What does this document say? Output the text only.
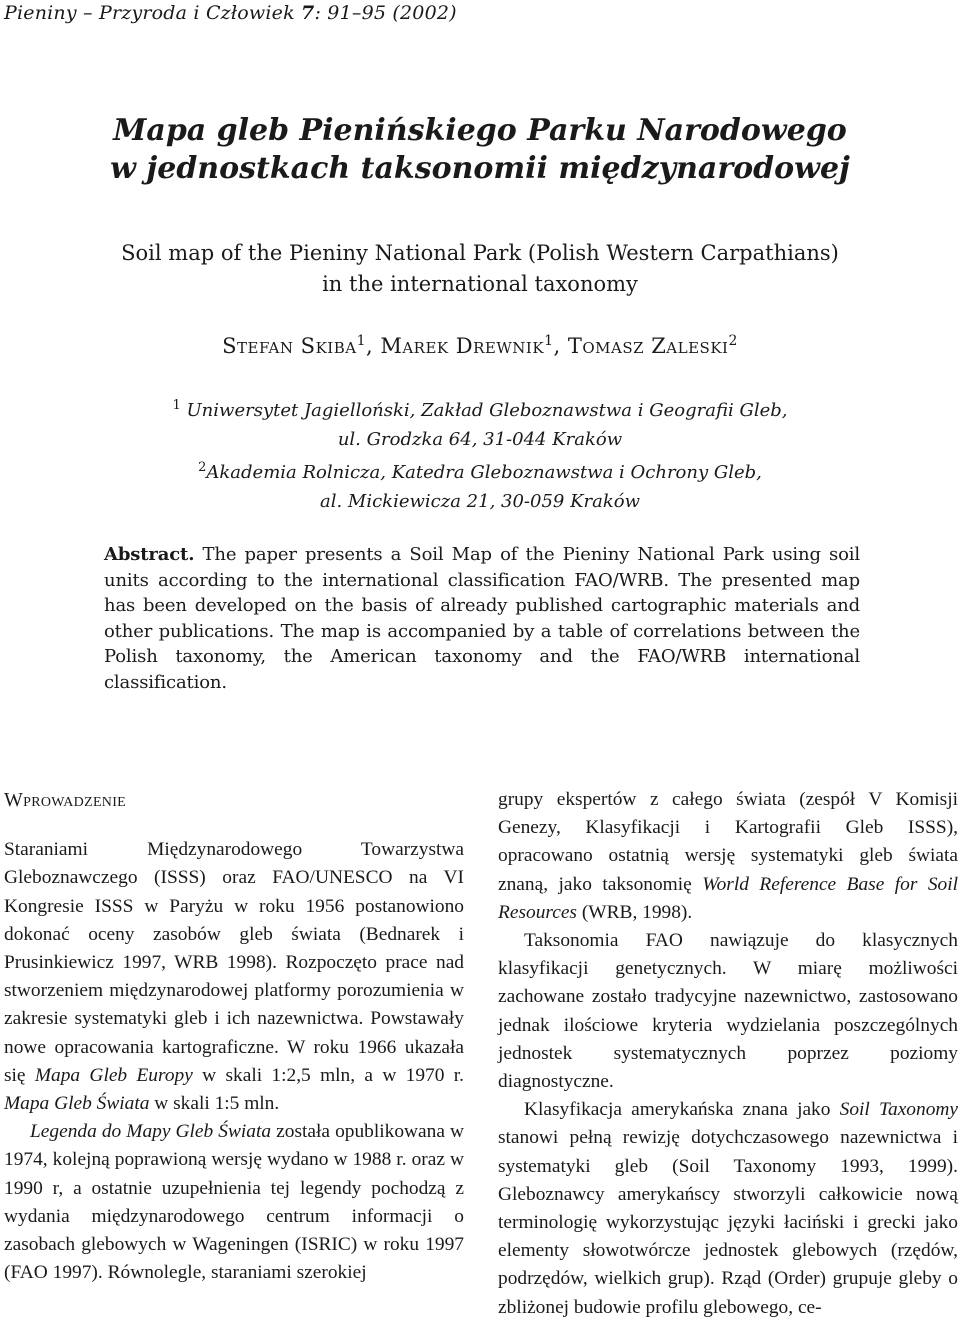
Pieniny – Przyroda i Człowiek 7: 91–95 (2002)
Mapa gleb Pienińskiego Parku Narodowego
w jednostkach taksonomii międzynarodowej
Soil map of the Pieniny National Park (Polish Western Carpathians)
in the international taxonomy
Stefan Skiba$^1$, Marek Drewnik$^1$, Tomasz Zaleski$^2$
$^1$ Uniwersytet Jagielloński, Zakład Gleboznawstwa i Geografii Gleb,
ul. Grodzka 64, 31-044 Kraków
$^2$Akademia Rolnicza, Katedra Gleboznawstwa i Ochrony Gleb,
al. Mickiewicza 21, 30-059 Kraków
Abstract. The paper presents a Soil Map of the Pieniny National Park using soil units according to the international classification FAO/WRB. The presented map has been developed on the basis of already published cartographic materials and other publications. The map is accompanied by a table of correlations between the Polish taxonomy, the American taxonomy and the FAO/WRB international classification.

Wprowadzenie

Staraniami Międzynarodowego Towarzystwa Gleboznawczego (ISSS) oraz FAO/UNESCO na VI Kongresie ISSS w Paryżu w roku 1956 postanowiono dokonać oceny zasobów gleb świata (Bednarek i Prusinkiewicz 1997, WRB 1998). Rozpoczęto prace nad stworzeniem międzynarodowej platformy porozumienia w zakresie systematyki gleb i ich nazewnictwa. Powstawały nowe opracowania kartograficzne. W roku 1966 ukazała się Mapa Gleb Europy w skali 1:2,5 mln, a w 1970 r. Mapa Gleb Świata w skali 1:5 mln.

Legenda do Mapy Gleb Świata została opublikowana w 1974, kolejną poprawioną wersję wydano w 1988 r. oraz w 1990 r, a ostatnie uzupełnienia tej legendy pochodzą z wydania międzynarodowego centrum informacji o zasobach glebowych w Wageningen (ISRIC) w roku 1997 (FAO 1997). Równolegle, staraniami szerokiej

grupy ekspertów z całego świata (zespół V Komisji Genezy, Klasyfikacji i Kartografii Gleb ISSS), opracowano ostatnią wersję systematyki gleb świata znaną, jako taksonomię World Reference Base for Soil Resources (WRB, 1998).

Taksonomia FAO nawiązuje do klasycznych klasyfikacji genetycznych. W miarę możliwości zachowane zostało tradycyjne nazewnictwo, zastosowano jednak ilościowe kryteria wydzielania poszczególnych jednostek systematycznych poprzez poziomy diagnostyczne.

Klasyfikacja amerykańska znana jako Soil Taxonomy stanowi pełną rewizję dotychczasowego nazewnictwa i systematyki gleb (Soil Taxonomy 1993, 1999). Gleboznawcy amerykańscy stworzyli całkowicie nową terminologię wykorzystując języki łaciński i grecki jako elementy słowotwórcze jednostek glebowych (rzędów, podrzędów, wielkich grup). Rząd (Order) grupuje gleby o zbliżonej budowie profilu glebowego, ce-
